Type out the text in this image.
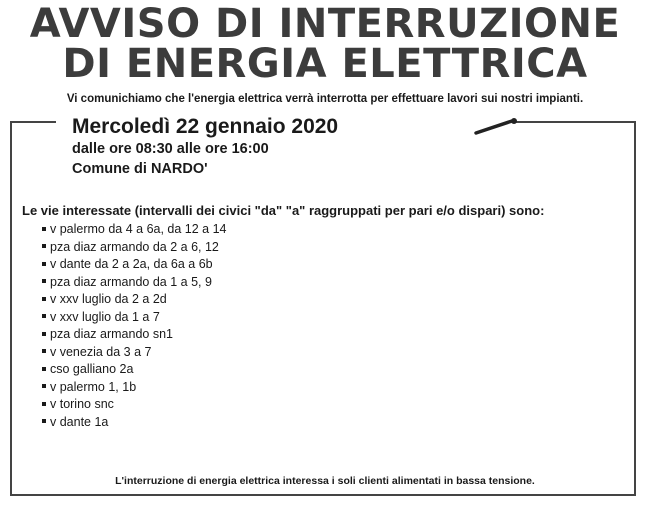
AVVISO DI INTERRUZIONE
DI ENERGIA ELETTRICA
Vi comunichiamo che l'energia elettrica verrà interrotta per effettuare lavori sui nostri impianti.
Mercoledì 22 gennaio 2020
dalle ore 08:30 alle ore 16:00
Comune di NARDO'
Le vie interessate (intervalli dei civici "da" "a" raggruppati per pari e/o dispari) sono:
v palermo da 4 a 6a, da 12 a 14
pza diaz armando da 2 a 6, 12
v dante da 2 a 2a, da 6a a 6b
pza diaz armando da 1 a 5, 9
v xxv luglio da 2 a 2d
v xxv luglio da 1 a 7
pza diaz armando sn1
v venezia da 3 a 7
cso galliano 2a
v palermo 1, 1b
v torino snc
v dante 1a
L'interruzione di energia elettrica interessa i soli clienti alimentati in bassa tensione.
